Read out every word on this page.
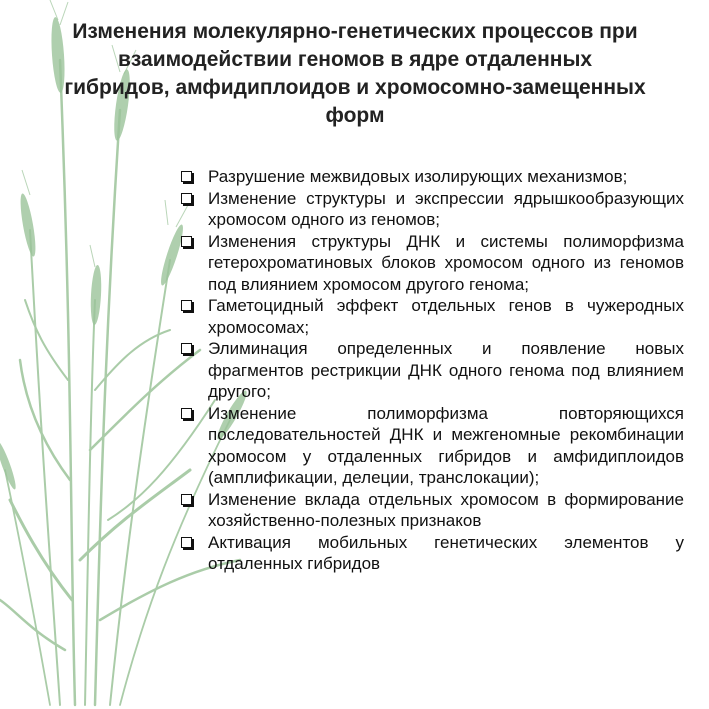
Изменения молекулярно-генетических процессов при
взаимодействии геномов в ядре отдаленных
гибридов, амфидиплоидов и хромосомно-замещенных
форм
Разрушение межвидовых изолирующих механизмов;
Изменение структуры и экспрессии ядрышкообразующих хромосом одного из геномов;
Изменения структуры ДНК и системы полиморфизма гетерохроматиновых блоков хромосом одного из геномов под влиянием хромосом другого генома;
Гаметоцидный эффект отдельных генов в чужеродных хромосомах;
Элиминация определенных и появление новых фрагментов рестрикции ДНК одного генома под влиянием другого;
Изменение полиморфизма повторяющихся последовательностей ДНК и межгеномные рекомбинации хромосом у отдаленных гибридов и амфидиплоидов (амплификации, делеции, транслокации);
Изменение вклада отдельных хромосом в формирование хозяйственно-полезных признаков
Активация мобильных генетических элементов у отдаленных гибридов
